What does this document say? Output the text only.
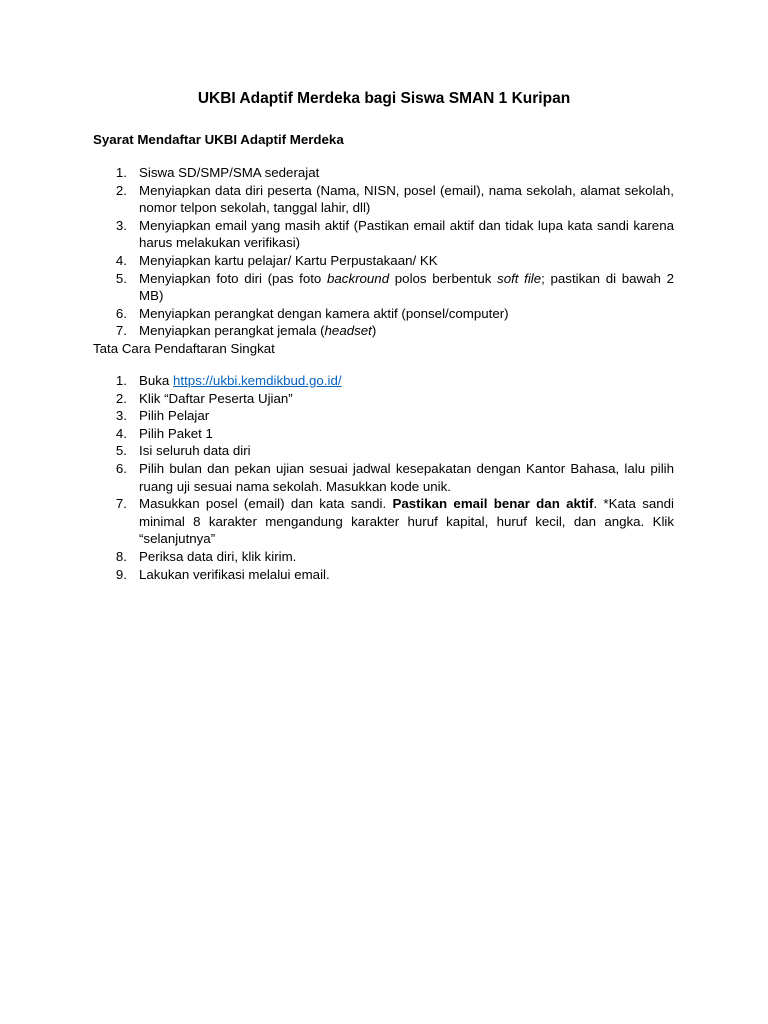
UKBI Adaptif Merdeka bagi Siswa SMAN 1 Kuripan
Syarat Mendaftar UKBI Adaptif Merdeka
1. Siswa SD/SMP/SMA sederajat
2. Menyiapkan data diri peserta (Nama, NISN, posel (email), nama sekolah, alamat sekolah, nomor telpon sekolah, tanggal lahir, dll)
3. Menyiapkan email yang masih aktif (Pastikan email aktif dan tidak lupa kata sandi karena harus melakukan verifikasi)
4. Menyiapkan kartu pelajar/ Kartu Perpustakaan/ KK
5. Menyiapkan foto diri (pas foto backround polos berbentuk soft file; pastikan di bawah 2 MB)
6. Menyiapkan perangkat dengan kamera aktif (ponsel/computer)
7. Menyiapkan perangkat jemala (headset)
Tata Cara Pendaftaran Singkat
1. Buka https://ukbi.kemdikbud.go.id/
2. Klik “Daftar Peserta Ujian”
3. Pilih Pelajar
4. Pilih Paket 1
5. Isi seluruh data diri
6. Pilih bulan dan pekan ujian sesuai jadwal kesepakatan dengan Kantor Bahasa, lalu pilih ruang uji sesuai nama sekolah. Masukkan kode unik.
7. Masukkan posel (email) dan kata sandi. Pastikan email benar dan aktif. *Kata sandi minimal 8 karakter mengandung karakter huruf kapital, huruf kecil, dan angka. Klik “selanjutnya”
8. Periksa data diri, klik kirim.
9. Lakukan verifikasi melalui email.
